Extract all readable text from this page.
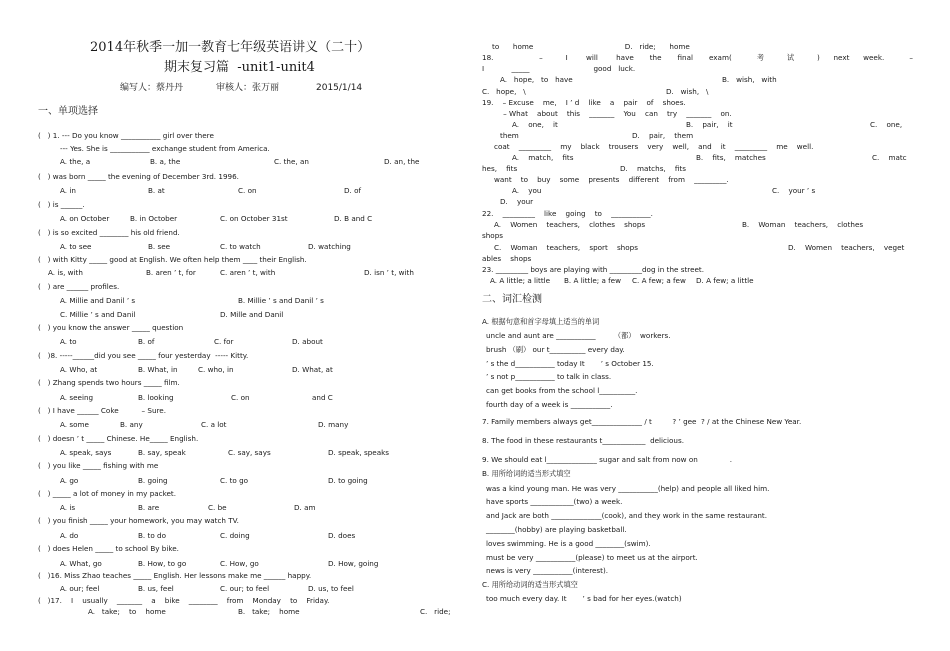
2014年秋季一加一教育七年级英语讲义（二十）
期末复习篇  -unit1-unit4
编写人：蔡丹丹	审核人：张万丽	2015/1/14
一、单项选择
(   ) 1. --- Do you know ___________ girl over there
--- Yes. She is ___________ exchange student from America.
A. the, a	B. a, the	C. the, an	D. an, the
(   ) was born _____ the evening of December 3rd. 1996.
A. in	B. at	C. on	D. of
(   ) is ______.
A. on October	B. in October	C. on October 31st	D. B and C
(   ) is so excited ________ his old friend.
A. to see	B. see	C. to watch	D. watching
(   ) with Kitty _____ good at English. We often help them ____ their English.
A. is, with	B. aren ’ t, for	C. aren ’ t, with	D. isn ’ t, with
(   ) are ______ profiles.
A. Millie and Danil ’ s	B. Millie ’ s and Danil ’ s
C. Millie ’ s and Danil	D. Mille and Danil
(   ) you know the answer _____ question
A. to	B. of	C. for	D. about
(   )8. -----______did you see _____ four yesterday  ----- Kitty.
A. Who, at	B. What, in	C. who, in	D. What, at
(   ) Zhang spends two hours _____ film.
A. seeing	B. looking	C. on	and C
(   ) I have ______ Coke          – Sure.
A. some	B. any	C. a lot	D. many
(   ) doesn ’ t _____ Chinese. He_____ English.
A. speak, says	B. say, speak	C. say, says	D. speak, speaks
(   ) you like _____ fishing with me
A. go	B. going	C. to go	D. to going
(   ) _____ a lot of money in my packet.
A. is	B. are	C. be	D. am
(   ) you finish _____ your homework, you may watch TV.
A. do	B. to do	C. doing	D. does
(   ) does Helen _____ to school By bike.
A. What, go	B. How, to go	C. How, go	D. How, going
(   )16. Miss Zhao teaches _____ English. Her lessons make me ______ happy.
A. our; feel	B. us, feel	C. our; to feel	D. us, to feel
(   )17.    I    usually    _______    a    bike    ________    from    Monday    to    Friday.
A.   take;    to    home	B.   take;    home	C.   ride;
to      home                                        D.   ride;      home
18.                    –          I        will        have       the       final       exam(           考          试          )      next      week.           –
I            _____                            good   luck.
A.   hope,   to   have	B.   wish,   with
C.   hope,   \	D.   wish,   \
19.    – Excuse    me,    I ’ d    like    a    pair    of    shoes.
– What    about    this    _______    You    can    try    _______    on.
A.    one,    it	B.    pair,    it	C.    one,
them	D.    pair,    them
coat    _________    my    black    trousers    very    well,    and    it    _________    me    well.
A.    match,    fits	B.    fits,    matches	C.    matc
hes,    fits	D.    matchs,    fits
want    to    buy    some    presents    different    from    _________.
A.    you	C.    your ’ s
D.    your
22.    _________    like    going    to    ___________.
A.    Women    teachers,    clothes    shops	B.    Woman    teachers,    clothes
shops
C.    Woman    teachers,    sport    shops	D.    Women    teachers,    veget
ables    shops
23. _________ boys are playing with _________dog in the street.
A. A little; a little B. A little; a few C. A few; a few D. A few; a little
二、词汇检测
A. 根据句意和首字母填上适当的单词
uncle and aunt are ___________        （都）  workers.
brush （刷） our t__________ every day.
’ s the d___________ today It       ’ s October 15.
’ s not p___________ to talk in class.
can get books from the school l__________.
fourth day of a week is ___________.
7. Family members always get______________ / t         ? ’ gee  ? / at the Chinese New Year.
8. The food in these restaurants t____________  delicious.
9. We should eat l______________ sugar and salt from now on              .
B. 用所给词的适当形式填空
was a kind young man. He was very ___________(help) and people all liked him.
have sports ____________(two) a week.
and Jack are both ______________(cook), and they work in the same restaurant.
________(hobby) are playing basketball.
loves swimming. He is a good ________(swim).
must be very ___________(please) to meet us at the airport.
news is very ___________(interest).
C. 用所给动词的适当形式填空
too much every day. It       ’ s bad for her eyes.(watch)
